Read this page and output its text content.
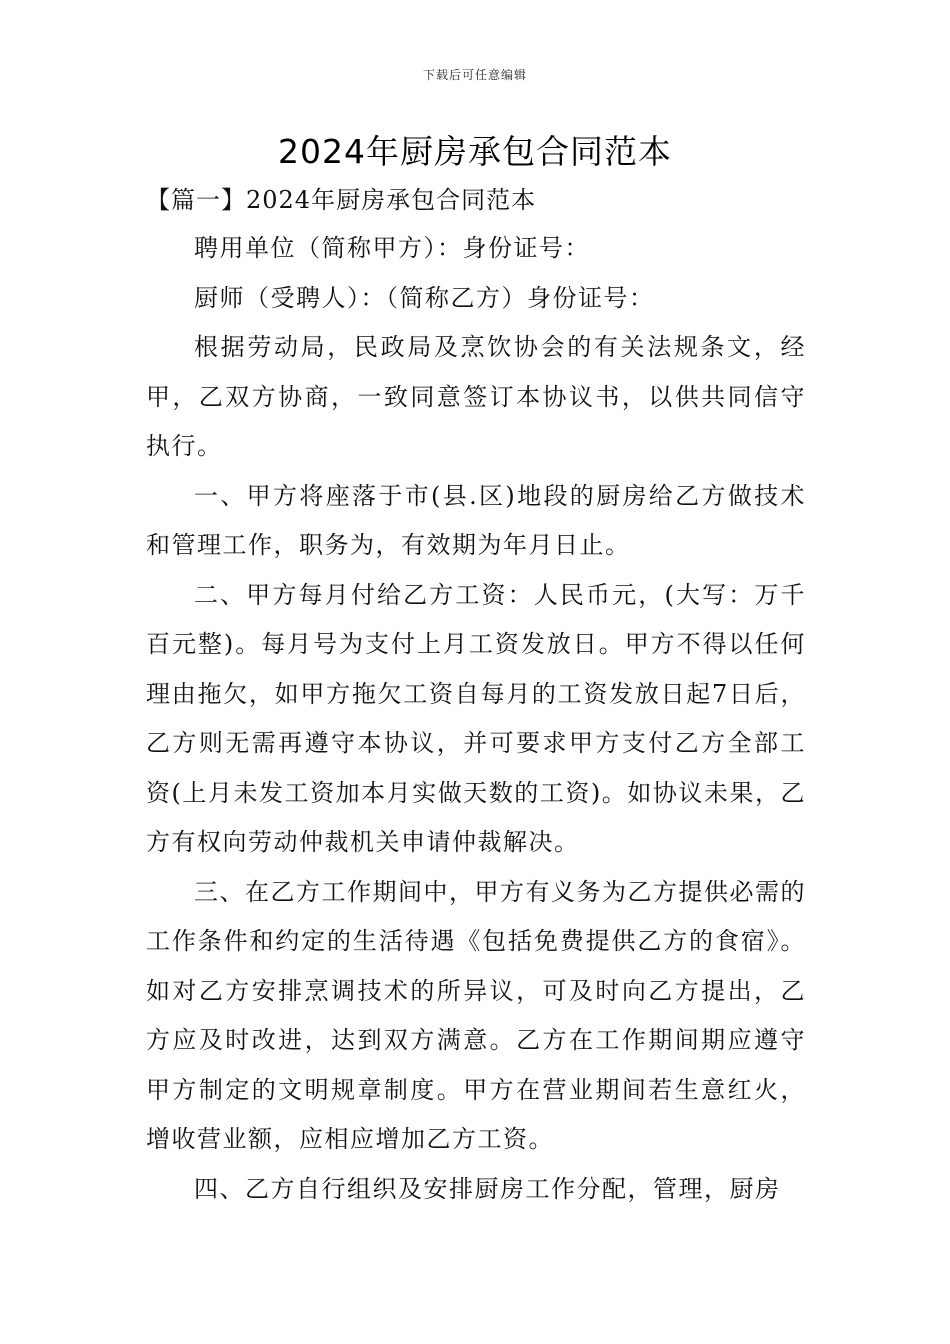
下载后可任意编辑
2024年厨房承包合同范本
【篇一】2024年厨房承包合同范本

聘用单位（简称甲方）：身份证号：

厨师（受聘人）：（简称乙方）身份证号：

根据劳动局，民政局及烹饮协会的有关法规条文，经甲，乙双方协商，一致同意签订本协议书，以供共同信守执行。

一、甲方将座落于市(县.区)地段的厨房给乙方做技术和管理工作，职务为，有效期为年月日止。

二、甲方每月付给乙方工资：人民币元，(大写：万千百元整)。每月号为支付上月工资发放日。甲方不得以任何理由拖欠，如甲方拖欠工资自每月的工资发放日起7日后，乙方则无需再遵守本协议，并可要求甲方支付乙方全部工资(上月未发工资加本月实做天数的工资)。如协议未果，乙方有权向劳动仲裁机关申请仲裁解决。

三、在乙方工作期间中，甲方有义务为乙方提供必需的工作条件和约定的生活待遇《包括免费提供乙方的食宿》。如对乙方安排烹调技术的所异议，可及时向乙方提出，乙方应及时改进，达到双方满意。乙方在工作期间期应遵守甲方制定的文明规章制度。甲方在营业期间若生意红火，增收营业额，应相应增加乙方工资。

四、乙方自行组织及安排厨房工作分配，管理，厨房
